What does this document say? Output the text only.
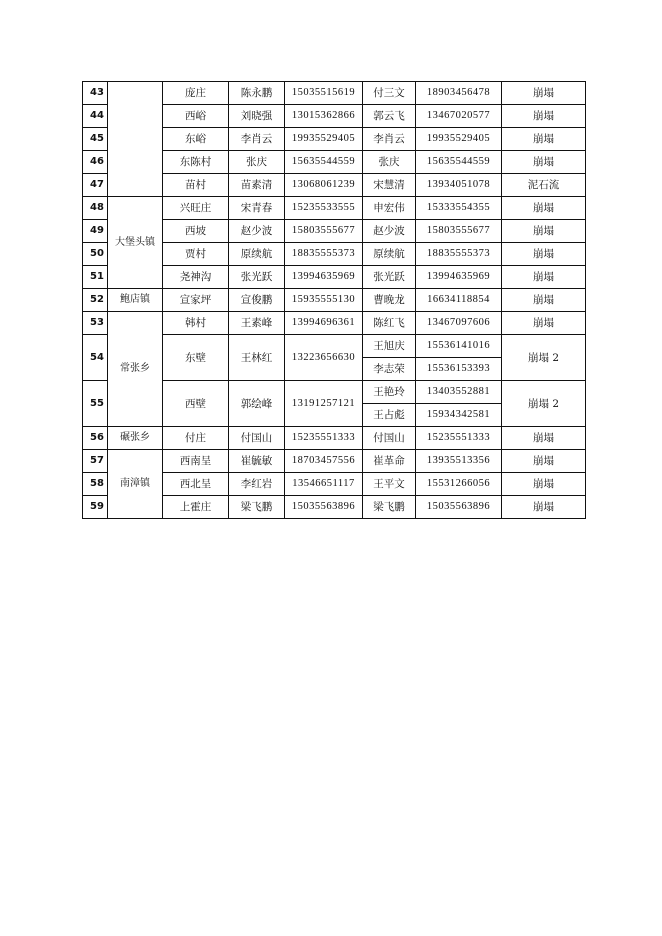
43		庞庄	陈永鹏	15035515619	付三文	18903456478	崩塌
44		西峪	刘晓强	13015362866	郭云飞	13467020577	崩塌
45		东峪	李肖云	19935529405	李肖云	19935529405	崩塌
46		东陈村	张庆	15635544559	张庆	15635544559	崩塌
47		苗村	苗素清	13068061239	宋慧清	13934051078	泥石流
48	大堡头镇	兴旺庄	宋青春	15235533555	申宏伟	15333554355	崩塌
49		西坡	赵少波	15803555677	赵少波	15803555677	崩塌
50		贾村	原续航	18835555373	原续航	18835555373	崩塌
51		尧神沟	张光跃	13994635969	张光跃	13994635969	崩塌
52	鲍店镇	宣家坪	宣俊鹏	15935555130	曹晚龙	16634118854	崩塌
53	常张乡	韩村	王素峰	13994696361	陈红飞	13467097606	崩塌
54		东壁	王林红	13223656630	王旭庆	15536141016	崩塌 2
					李志荣	15536153393	
55		西壁	郭绘峰	13191257121	王艳玲	13403552881	崩塌 2
					王占彪	15934342581	
56	碾张乡	付庄	付国山	15235551333	付国山	15235551333	崩塌
57	南漳镇	西南呈	崔毓敏	18703457556	崔革命	13935513356	崩塌
58		西北呈	李红岩	13546651117	王平文	15531266056	崩塌
59		上霍庄	梁飞鹏	15035563896	梁飞鹏	15035563896	崩塌
